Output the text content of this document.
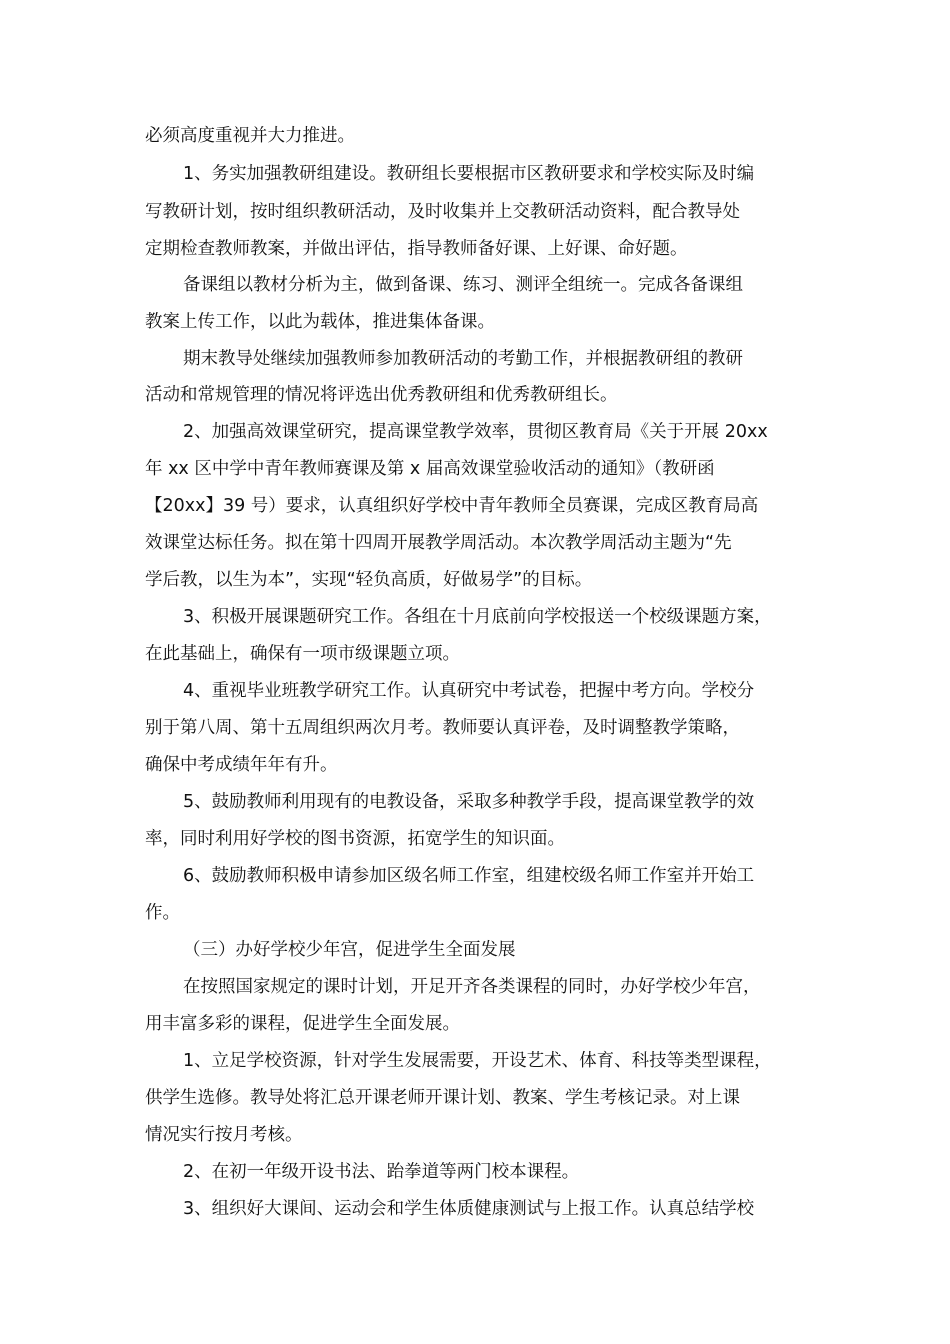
必须高度重视并大力推进。
1、务实加强教研组建设。教研组长要根据市区教研要求和学校实际及时编
写教研计划，按时组织教研活动，及时收集并上交教研活动资料，配合教导处
定期检查教师教案，并做出评估，指导教师备好课、上好课、命好题。
备课组以教材分析为主，做到备课、练习、测评全组统一。完成各备课组
教案上传工作，以此为载体，推进集体备课。
期末教导处继续加强教师参加教研活动的考勤工作，并根据教研组的教研
活动和常规管理的情况将评选出优秀教研组和优秀教研组长。
2、加强高效课堂研究，提高课堂教学效率，贯彻区教育局《关于开展 20xx
年 xx 区中学中青年教师赛课及第 x 届高效课堂验收活动的通知》（教研函
【20xx】39 号）要求，认真组织好学校中青年教师全员赛课，完成区教育局高
效课堂达标任务。拟在第十四周开展教学周活动。本次教学周活动主题为“先
学后教，以生为本”，实现“轻负高质，好做易学”的目标。
3、积极开展课题研究工作。各组在十月底前向学校报送一个校级课题方案，
在此基础上，确保有一项市级课题立项。
4、重视毕业班教学研究工作。认真研究中考试卷，把握中考方向。学校分
别于第八周、第十五周组织两次月考。教师要认真评卷，及时调整教学策略，
确保中考成绩年年有升。
5、鼓励教师利用现有的电教设备，采取多种教学手段，提高课堂教学的效
率，同时利用好学校的图书资源，拓宽学生的知识面。
6、鼓励教师积极申请参加区级名师工作室，组建校级名师工作室并开始工
作。
（三）办好学校少年宫，促进学生全面发展
在按照国家规定的课时计划，开足开齐各类课程的同时，办好学校少年宫，
用丰富多彩的课程，促进学生全面发展。
1、立足学校资源，针对学生发展需要，开设艺术、体育、科技等类型课程，
供学生选修。教导处将汇总开课老师开课计划、教案、学生考核记录。对上课
情况实行按月考核。
2、在初一年级开设书法、跆拳道等两门校本课程。
3、组织好大课间、运动会和学生体质健康测试与上报工作。认真总结学校
